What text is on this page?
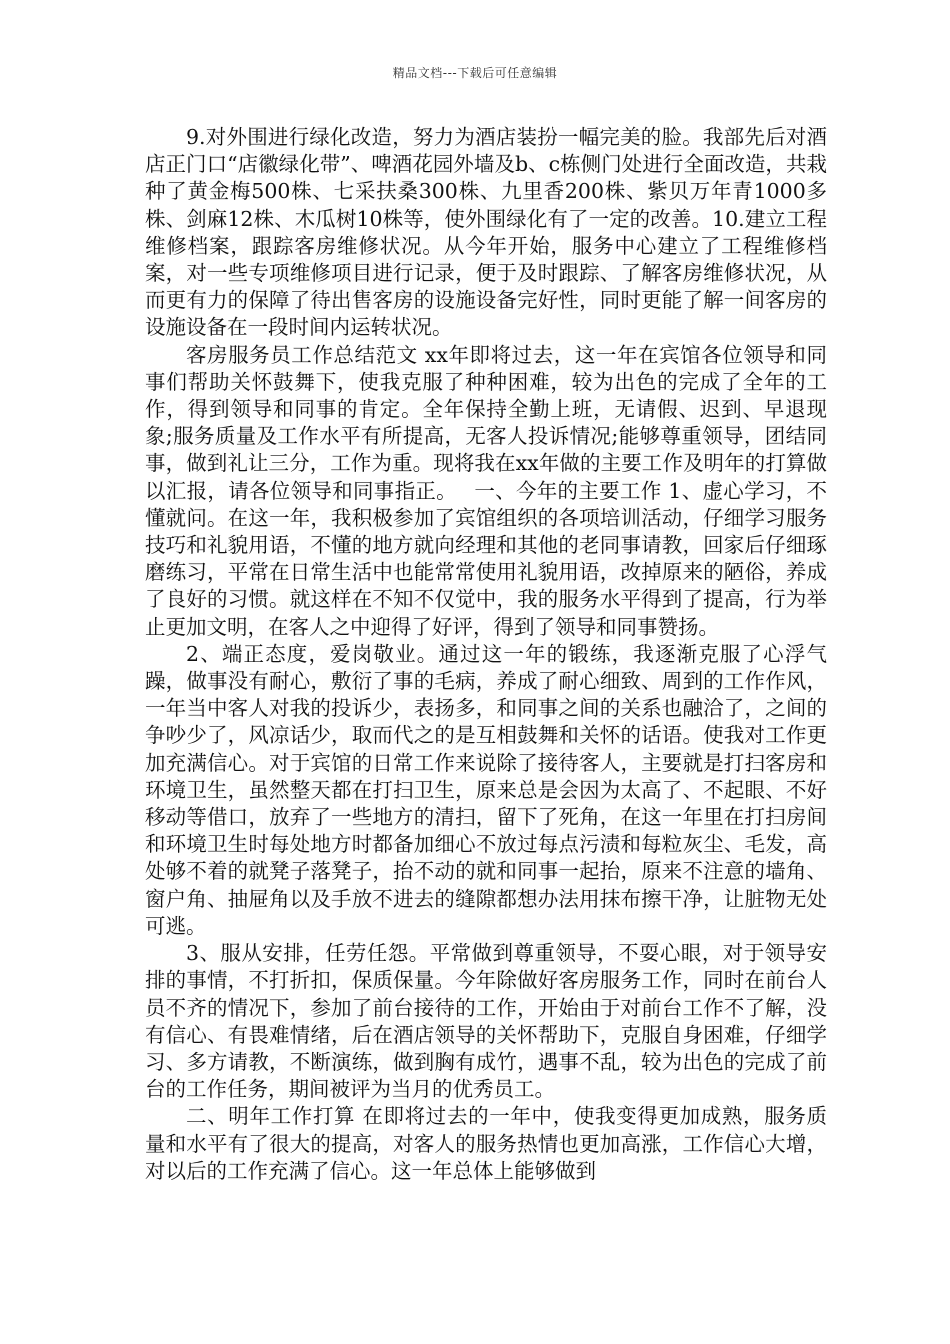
精品文档---下载后可任意编辑

9.对外围进行绿化改造，努力为酒店装扮一幅完美的脸。我部先后对酒店正门口“店徽绿化带”、啤酒花园外墙及b、c栋侧门处进行全面改造，共栽种了黄金梅500株、七采扶桑300株、九里香200株、紫贝万年青1000多株、剑麻12株、木瓜树10株等，使外围绿化有了一定的改善。10.建立工程维修档案，跟踪客房维修状况。从今年开始，服务中心建立了工程维修档案，对一些专项维修项目进行记录，便于及时跟踪、了解客房维修状况，从而更有力的保障了待出售客房的设施设备完好性，同时更能了解一间客房的设施设备在一段时间内运转状况。

客房服务员工作总结范文 xx年即将过去，这一年在宾馆各位领导和同事们帮助关怀鼓舞下，使我克服了种种困难，较为出色的完成了全年的工作，得到领导和同事的肯定。全年保持全勤上班，无请假、迟到、早退现象;服务质量及工作水平有所提高，无客人投诉情况;能够尊重领导，团结同事，做到礼让三分，工作为重。现将我在xx年做的主要工作及明年的打算做以汇报，请各位领导和同事指正。　 一、今年的主要工作 1、虚心学习，不懂就问。在这一年，我积极参加了宾馆组织的各项培训活动，仔细学习服务技巧和礼貌用语，不懂的地方就向经理和其他的老同事请教，回家后仔细琢磨练习，平常在日常生活中也能常常使用礼貌用语，改掉原来的陋俗，养成了良好的习惯。就这样在不知不仅觉中，我的服务水平得到了提高，行为举止更加文明，在客人之中迎得了好评，得到了领导和同事赞扬。

2、端正态度，爱岗敬业。通过这一年的锻练，我逐渐克服了心浮气躁，做事没有耐心，敷衍了事的毛病，养成了耐心细致、周到的工作作风，一年当中客人对我的投诉少，表扬多，和同事之间的关系也融洽了，之间的争吵少了，风凉话少，取而代之的是互相鼓舞和关怀的话语。使我对工作更加充满信心。对于宾馆的日常工作来说除了接待客人，主要就是打扫客房和环境卫生，虽然整天都在打扫卫生，原来总是会因为太高了、不起眼、不好移动等借口，放弃了一些地方的清扫，留下了死角，在这一年里在打扫房间和环境卫生时每处地方时都备加细心不放过每点污渍和每粒灰尘、毛发，高处够不着的就凳子落凳子，抬不动的就和同事一起抬，原来不注意的墙角、窗户角、抽屉角以及手放不进去的缝隙都想办法用抹布擦干净，让脏物无处可逃。

3、服从安排，任劳任怨。平常做到尊重领导，不耍心眼，对于领导安排的事情，不打折扣，保质保量。今年除做好客房服务工作，同时在前台人员不齐的情况下，参加了前台接待的工作，开始由于对前台工作不了解，没有信心、有畏难情绪，后在酒店领导的关怀帮助下，克服自身困难，仔细学习、多方请教，不断演练，做到胸有成竹，遇事不乱，较为出色的完成了前台的工作任务，期间被评为当月的优秀员工。

二、明年工作打算 在即将过去的一年中，使我变得更加成熟，服务质量和水平有了很大的提高，对客人的服务热情也更加高涨，工作信心大增，对以后的工作充满了信心。这一年总体上能够做到
